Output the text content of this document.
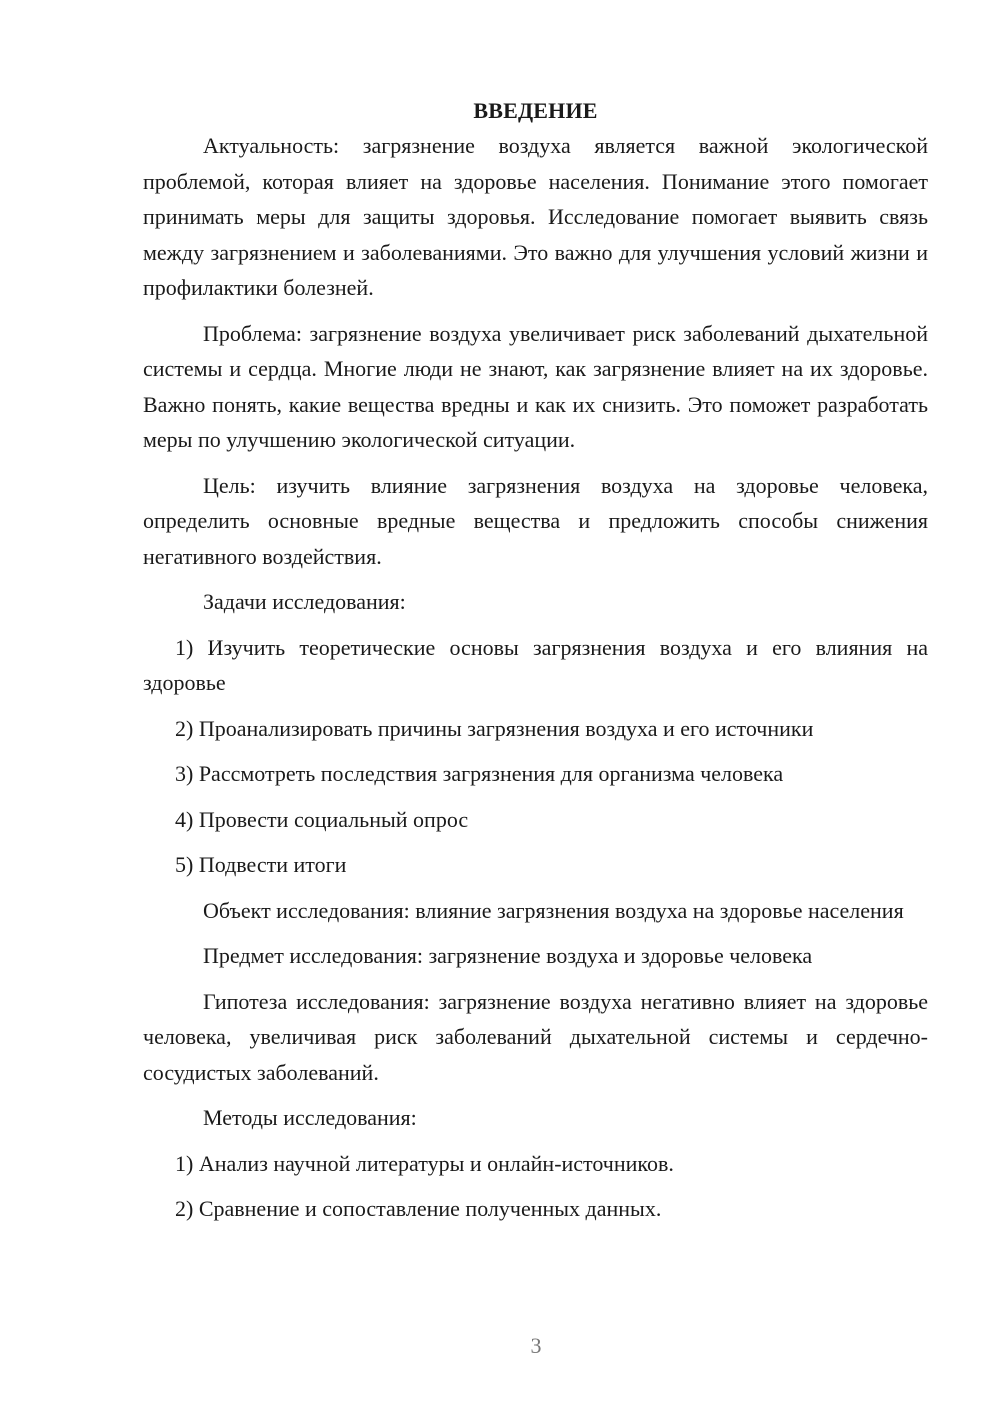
ВВЕДЕНИЕ

Актуальность: загрязнение воздуха является важной экологической проблемой, которая влияет на здоровье населения. Понимание этого помогает принимать меры для защиты здоровья. Исследование помогает выявить связь между загрязнением и заболеваниями. Это важно для улучшения условий жизни и профилактики болезней.

Проблема: загрязнение воздуха увеличивает риск заболеваний дыхательной системы и сердца. Многие люди не знают, как загрязнение влияет на их здоровье. Важно понять, какие вещества вредны и как их снизить. Это поможет разработать меры по улучшению экологической ситуации.

Цель: изучить влияние загрязнения воздуха на здоровье человека, определить основные вредные вещества и предложить способы снижения негативного воздействия.

Задачи исследования:

1) Изучить теоретические основы загрязнения воздуха и его влияния на здоровье

2) Проанализировать причины загрязнения воздуха и его источники

3) Рассмотреть последствия загрязнения для организма человека

4) Провести социальный опрос

5) Подвести итоги

Объект исследования: влияние загрязнения воздуха на здоровье населения

Предмет исследования: загрязнение воздуха и здоровье человека

Гипотеза исследования: загрязнение воздуха негативно влияет на здоровье человека, увеличивая риск заболеваний дыхательной системы и сердечно-сосудистых заболеваний.

Методы исследования:

1) Анализ научной литературы и онлайн-источников.

2) Сравнение и сопоставление полученных данных.

3
